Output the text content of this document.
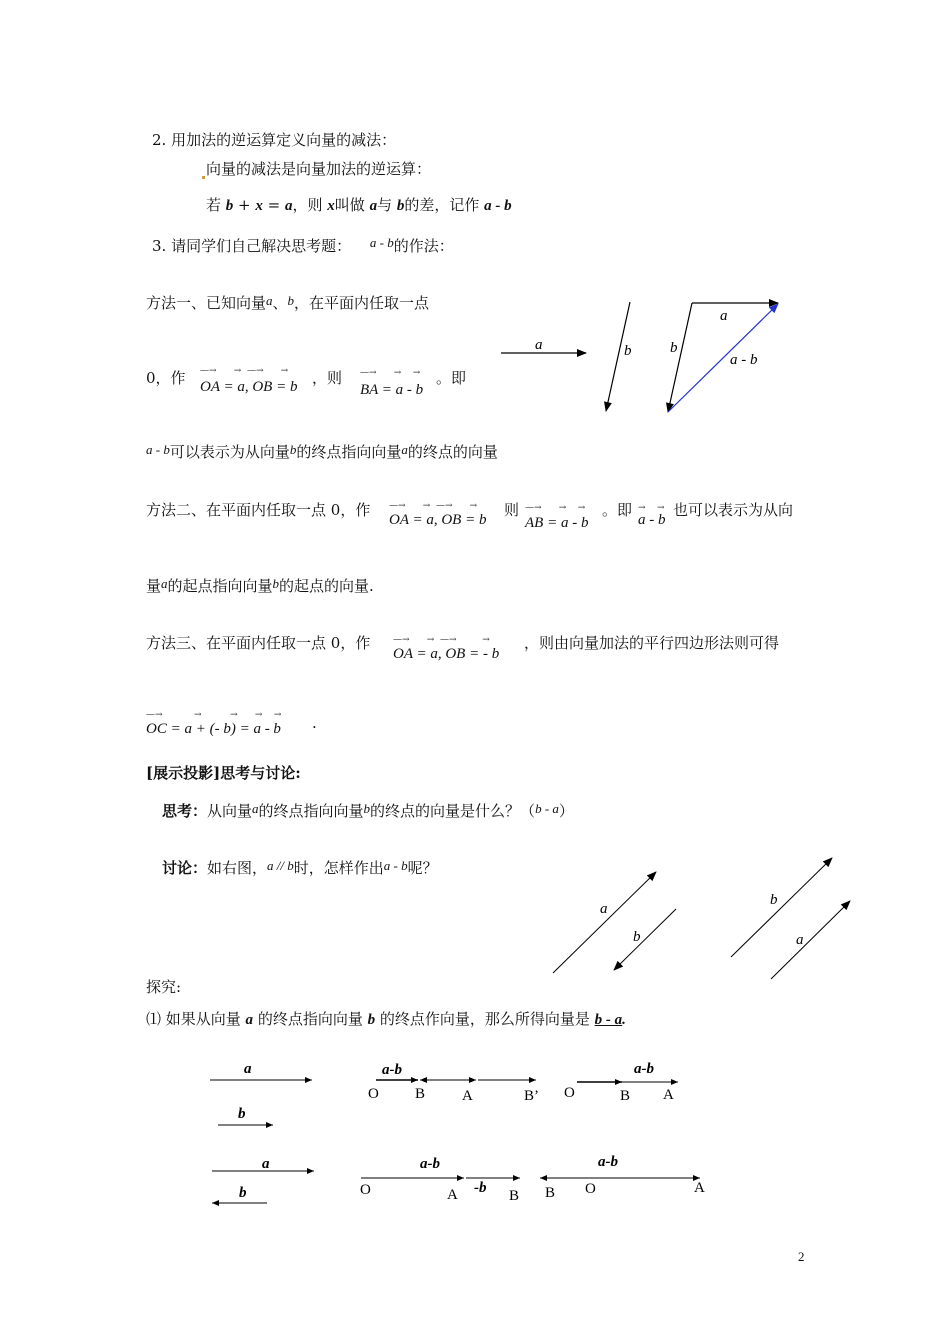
2. 用加法的逆运算定义向量的减法：
向量的减法是向量加法的逆运算：
若 b + x = a，则 x叫做 a与 b的差，记作 a - b
3. 请同学们自己解决思考题： a - b的作法：
方法一、已知向量a、b，在平面内任取一点
0，作 —→      →  —→      →
OA = a, OB = b ，则 —→      →    →
BA = a - b
。即
a - b可以表示为从向量b的终点指向向量a的终点的向量
方法二、在平面内任取一点 0，作 —→      →  —→      →
OA = a, OB = b
则 —→      →    →
AB = a - b
。即 →    →
a - b
也可以表示为从向
量a的起点指向向量b的起点的向量.
方法三、在平面内任取一点 0，作	—→      →  —→         →
OA = a, OB = - b
，则由向量加法的平行四边形法则可得
—→           →          →      →    →
OC = a + (- b) = a - b .
[展示投影]思考与讨论:
思考：从向量a的终点指向向量b的终点的向量是什么？（b - a）
讨论：如右图，a // b时，怎样作出a - b呢？
探究:
⑴ 如果从向量 a 的终点指向向量 b 的终点作向量，那么所得向量是 b - a.
a	b
a
b
a - b
a
b
b
a
a
b
a-b
O B A	B’
a-b
O	B A
a
b
a-b
-b
O	A	B
a-b
B O	A
2
